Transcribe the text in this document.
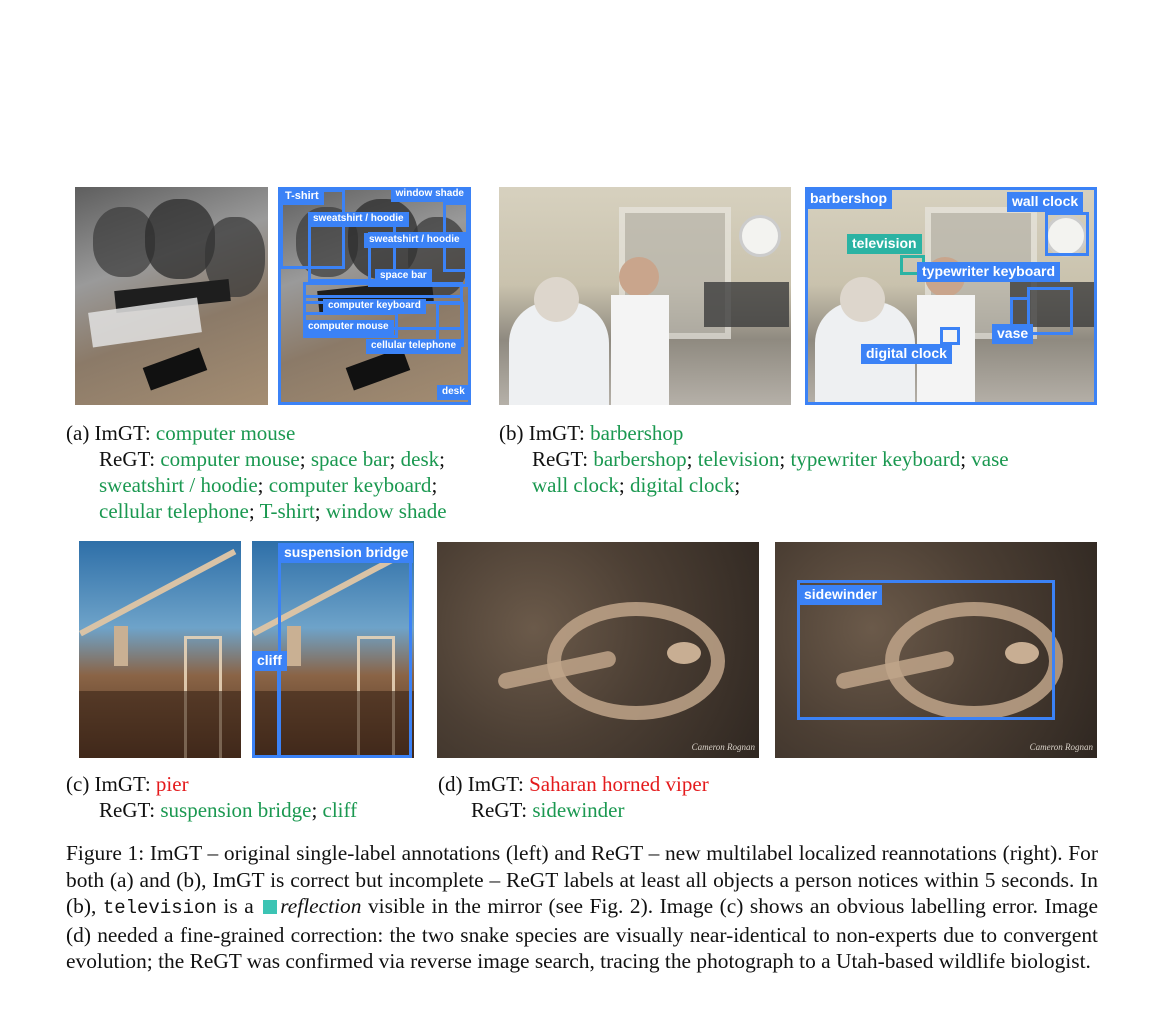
T-shirt	window shade
sweatshirt / hoodie
sweatshirt / hoodie
space bar
computer keyboard
computer mouse
cellular telephone
desk
(a) ImGT: computer mouse
ReGT: computer mouse; space bar; desk;
sweatshirt / hoodie; computer keyboard;
cellular telephone; T-shirt; window shade
barbershop	wall clock
television
typewriter keyboard
vase
digital clock
(b) ImGT: barbershop
ReGT: barbershop; television; typewriter keyboard; vase
wall clock; digital clock;
suspension bridge
cliff
(c) ImGT: pier
ReGT: suspension bridge; cliff
Cameron Rognan
sidewinder
Cameron Rognan
(d) ImGT: Saharan horned viper
ReGT: sidewinder
Figure 1: ImGT – original single-label annotations (left) and ReGT – new multilabel localized reannotations (right). For both (a) and (b), ImGT is correct but incomplete – ReGT labels at least all objects a person notices within 5 seconds. In (b), television is a reflection visible in the mirror (see Fig. 2). Image (c) shows an obvious labelling error. Image (d) needed a fine-grained correction: the two snake species are visually near-identical to non-experts due to convergent evolution; the ReGT was confirmed via reverse image search, tracing the photograph to a Utah-based wildlife biologist.
